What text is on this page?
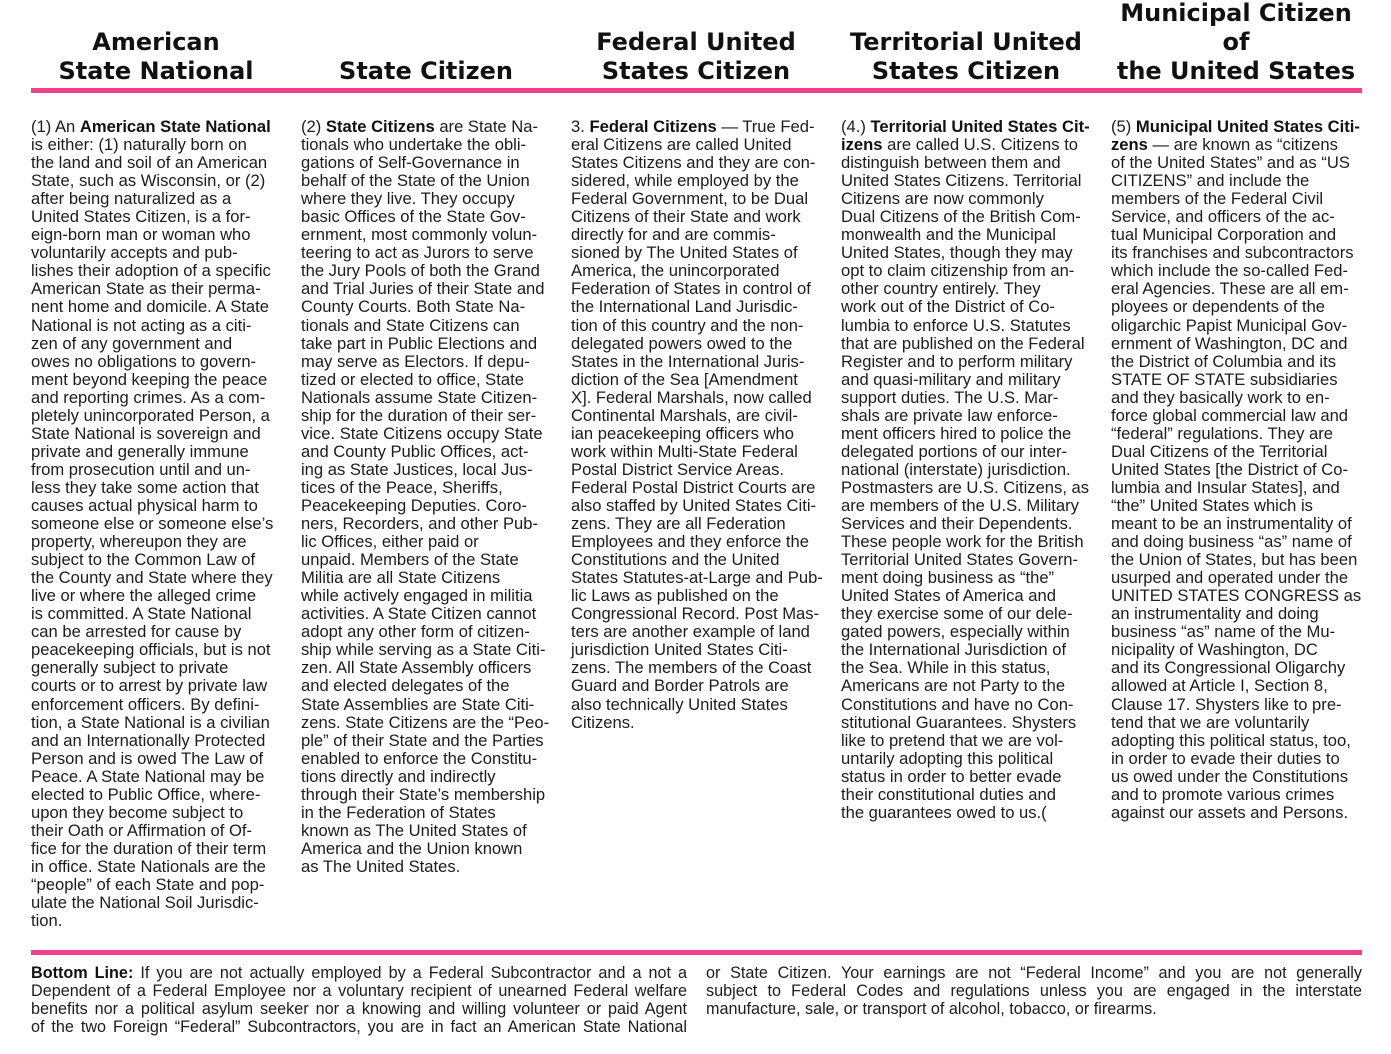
American
State National	State Citizen
Federal United
States Citizen
Territorial United
States Citizen
Municipal Citizen of
the United States
(1) An American State National
is either: (1) naturally born on
the land and soil of an American
State, such as Wisconsin, or (2)
after being naturalized as a
United States Citizen, is a for-
eign-born man or woman who
voluntarily accepts and pub-
lishes their adoption of a specific
American State as their perma-
nent home and domicile. A State
National is not acting as a citi-
zen of any government and
owes no obligations to govern-
ment beyond keeping the peace
and reporting crimes. As a com-
pletely unincorporated Person, a
State National is sovereign and
private and generally immune
from prosecution until and un-
less they take some action that
causes actual physical harm to
someone else or someone else’s
property, whereupon they are
subject to the Common Law of
the County and State where they
live or where the alleged crime
is committed. A State National
can be arrested for cause by
peacekeeping officials, but is not
generally subject to private
courts or to arrest by private law
enforcement officers. By defini-
tion, a State National is a civilian
and an Internationally Protected
Person and is owed The Law of
Peace. A State National may be
elected to Public Office, where-
upon they become subject to
their Oath or Affirmation of Of-
fice for the duration of their term
in office. State Nationals are the
“people” of each State and pop-
ulate the National Soil Jurisdic-
tion.
(2) State Citizens are State Na-
tionals who undertake the obli-
gations of Self-Governance in
behalf of the State of the Union
where they live. They occupy
basic Offices of the State Gov-
ernment, most commonly volun-
teering to act as Jurors to serve
the Jury Pools of both the Grand
and Trial Juries of their State and
County Courts. Both State Na-
tionals and State Citizens can
take part in Public Elections and
may serve as Electors. If depu-
tized or elected to office, State
Nationals assume State Citizen-
ship for the duration of their ser-
vice. State Citizens occupy State
and County Public Offices, act-
ing as State Justices, local Jus-
tices of the Peace, Sheriffs,
Peacekeeping Deputies. Coro-
ners, Recorders, and other Pub-
lic Offices, either paid or
unpaid. Members of the State
Militia are all State Citizens
while actively engaged in militia
activities. A State Citizen cannot
adopt any other form of citizen-
ship while serving as a State Citi-
zen. All State Assembly officers
and elected delegates of the
State Assemblies are State Citi-
zens. State Citizens are the “Peo-
ple” of their State and the Parties
enabled to enforce the Constitu-
tions directly and indirectly
through their State’s membership
in the Federation of States
known as The United States of
America and the Union known
as The United States.
3. Federal Citizens — True Fed-
eral Citizens are called United
States Citizens and they are con-
sidered, while employed by the
Federal Government, to be Dual
Citizens of their State and work
directly for and are commis-
sioned by The United States of
America, the unincorporated
Federation of States in control of
the International Land Jurisdic-
tion of this country and the non-
delegated powers owed to the
States in the International Juris-
diction of the Sea [Amendment
X]. Federal Marshals, now called
Continental Marshals, are civil-
ian peacekeeping officers who
work within Multi-State Federal
Postal District Service Areas.
Federal Postal District Courts are
also staffed by United States Citi-
zens. They are all Federation
Employees and they enforce the
Constitutions and the United
States Statutes-at-Large and Pub-
lic Laws as published on the
Congressional Record. Post Mas-
ters are another example of land
jurisdiction United States Citi-
zens. The members of the Coast
Guard and Border Patrols are
also technically United States
Citizens.
(4.) Territorial United States Cit-
izens are called U.S. Citizens to
distinguish between them and
United States Citizens. Territorial
Citizens are now commonly
Dual Citizens of the British Com-
monwealth and the Municipal
United States, though they may
opt to claim citizenship from an-
other country entirely. They
work out of the District of Co-
lumbia to enforce U.S. Statutes
that are published on the Federal
Register and to perform military
and quasi-military and military
support duties. The U.S. Mar-
shals are private law enforce-
ment officers hired to police the
delegated portions of our inter-
national (interstate) jurisdiction.
Postmasters are U.S. Citizens, as
are members of the U.S. Military
Services and their Dependents.
These people work for the British
Territorial United States Govern-
ment doing business as “the”
United States of America and
they exercise some of our dele-
gated powers, especially within
the International Jurisdiction of
the Sea. While in this status,
Americans are not Party to the
Constitutions and have no Con-
stitutional Guarantees. Shysters
like to pretend that we are vol-
untarily adopting this political
status in order to better evade
their constitutional duties and
the guarantees owed to us.(
(5) Municipal United States Citi-
zens — are known as “citizens
of the United States” and as “US
CITIZENS” and include the
members of the Federal Civil
Service, and officers of the ac-
tual Municipal Corporation and
its franchises and subcontractors
which include the so-called Fed-
eral Agencies. These are all em-
ployees or dependents of the
oligarchic Papist Municipal Gov-
ernment of Washington, DC and
the District of Columbia and its
STATE OF STATE subsidiaries
and they basically work to en-
force global commercial law and
“federal” regulations. They are
Dual Citizens of the Territorial
United States [the District of Co-
lumbia and Insular States], and
“the” United States which is
meant to be an instrumentality of
and doing business “as” name of
the Union of States, but has been
usurped and operated under the
UNITED STATES CONGRESS as
an instrumentality and doing
business “as” name of the Mu-
nicipality of Washington, DC
and its Congressional Oligarchy
allowed at Article I, Section 8,
Clause 17. Shysters like to pre-
tend that we are voluntarily
adopting this political status, too,
in order to evade their duties to
us owed under the Constitutions
and to promote various crimes
against our assets and Persons.
Bottom Line: If you are not actually employed by a Federal Subcontractor and a not a
Dependent of a Federal Employee nor a voluntary recipient of unearned Federal welfare
benefits nor a political asylum seeker nor a knowing and willing volunteer or paid Agent
of the two Foreign “Federal” Subcontractors, you are in fact an American State National
or State Citizen. Your earnings are not “Federal Income” and you are not generally
subject to Federal Codes and regulations unless you are engaged in the interstate
manufacture, sale, or transport of alcohol, tobacco, or firearms.
